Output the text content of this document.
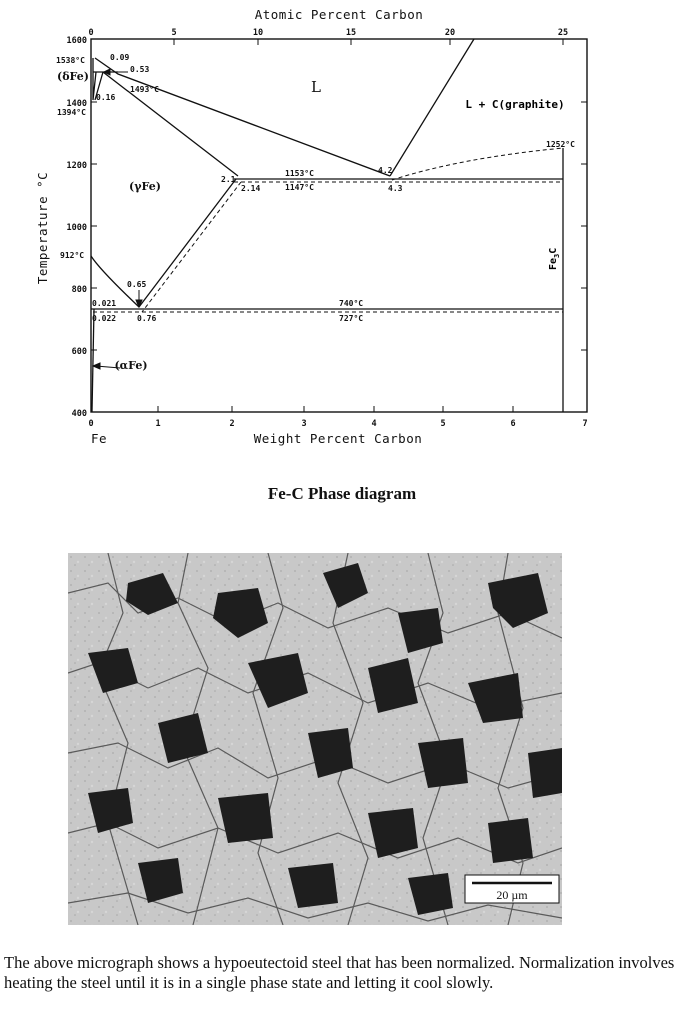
Atomic Percent Carbon
0	5	10	15	20	25
1600
1400
1200
1000
800
600
400
Temperature °C
0	1	2	3	4	5	6	7
Weight Percent Carbon
Fe
L
L + C(graphite)
(δFe)
(γFe)
(αFe)
$Fe_3C$
1538°C
1394°C
1493°C
912°C
1252°C
1153°C
1147°C
740°C
727°C
0.09
0.53
0.16
2.1
2.14
4.2
4.3
0.65
0.021
0.022	0.76
Fe-C Phase diagram
20 µm
The above micrograph shows a hypoeutectoid steel that has been normalized. Normalization involves heating the steel until it is in a single phase state and letting it cool slowly.
